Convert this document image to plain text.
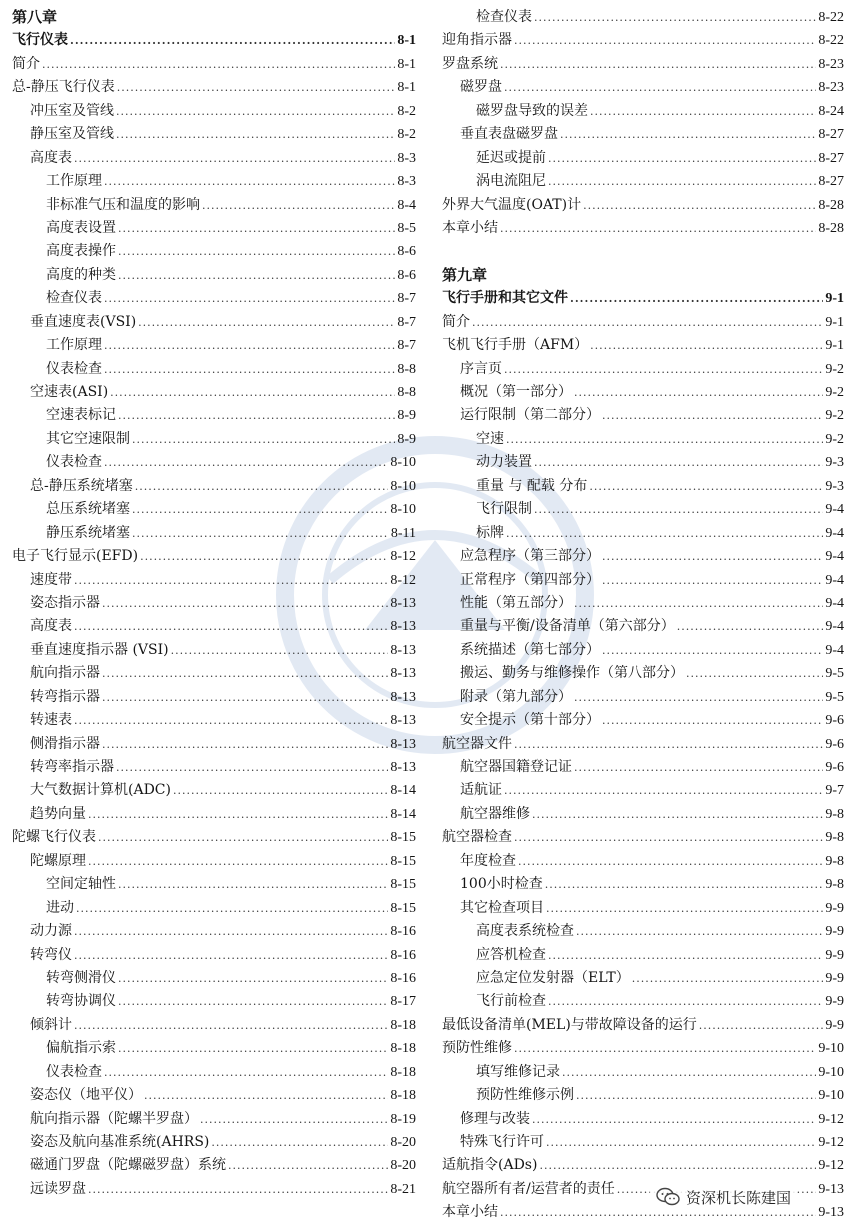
第八章
飞行仪表 .....	8-1
简介 .....	8-1
总-静压飞行仪表 .....	8-1
冲压室及管线 .....	8-2
静压室及管线 .....	8-2
高度表 .....	8-3
工作原理 .....	8-3
非标准气压和温度的影响 .....	8-4
高度表设置 .....	8-5
高度表操作 .....	8-6
高度的种类 .....	8-6
检查仪表 .....	8-7
垂直速度表(VSI) .....	8-7
工作原理 .....	8-7
仪表检查 .....	8-8
空速表(ASI) .....	8-8
空速表标记 .....	8-9
其它空速限制 .....	8-9
仪表检查 .....	8-10
总-静压系统堵塞 .....	8-10
总压系统堵塞 .....	8-10
静压系统堵塞 .....	8-11
电子飞行显示(EFD) .....	8-12
速度带 .....	8-12
姿态指示器 .....	8-13
高度表 .....	8-13
垂直速度指示器 (VSI) .....	8-13
航向指示器 .....	8-13
转弯指示器 .....	8-13
转速表 .....	8-13
侧滑指示器 .....	8-13
转弯率指示器 .....	8-13
大气数据计算机(ADC) .....	8-14
趋势向量 .....	8-14
陀螺飞行仪表 .....	8-15
陀螺原理 .....	8-15
空间定轴性 .....	8-15
进动 .....	8-15
动力源 .....	8-16
转弯仪 .....	8-16
转弯侧滑仪 .....	8-16
转弯协调仪 .....	8-17
倾斜计 .....	8-18
偏航指示索 .....	8-18
仪表检查 .....	8-18
姿态仪（地平仪） .....	8-18
航向指示器（陀螺半罗盘） .....	8-19
姿态及航向基准系统(AHRS) .....	8-20
磁通门罗盘（陀螺磁罗盘）系统 .....	8-20
远读罗盘 .....	8-21
检查仪表 .....	8-22
迎角指示器 .....	8-22
罗盘系统 .....	8-23
磁罗盘 .....	8-23
磁罗盘导致的误差 .....	8-24
垂直表盘磁罗盘 .....	8-27
延迟或提前 .....	8-27
涡电流阻尼 .....	8-27
外界大气温度(OAT)计 .....	8-28
本章小结 .....	8-28
第九章
飞行手册和其它文件 .....	9-1
简介 .....	9-1
飞机飞行手册（AFM） .....	9-1
序言页 .....	9-2
概况（第一部分） .....	9-2
运行限制（第二部分） .....	9-2
空速 .....	9-2
动力装置 .....	9-3
重量 与 配载 分布 .....	9-3
飞行限制 .....	9-4
标牌 .....	9-4
应急程序（第三部分） .....	9-4
正常程序（第四部分） .....	9-4
性能（第五部分） .....	9-4
重量与平衡/设备清单（第六部分） .....	9-4
系统描述（第七部分） .....	9-4
搬运、勤务与维修操作（第八部分） .....	9-5
附录（第九部分） .....	9-5
安全提示（第十部分） .....	9-6
航空器文件 .....	9-6
航空器国籍登记证 .....	9-6
适航证 .....	9-7
航空器维修 .....	9-8
航空器检查 .....	9-8
年度检查 .....	9-8
100小时检查 .....	9-8
其它检查项目 .....	9-9
高度表系统检查 .....	9-9
应答机检查 .....	9-9
应急定位发射器（ELT） .....	9-9
飞行前检查 .....	9-9
最低设备清单(MEL)与带故障设备的运行 .....	9-9
预防性维修 .....	9-10
填写维修记录 .....	9-10
预防性维修示例 .....	9-10
修理与改装 .....	9-12
特殊飞行许可 .....	9-12
适航指令(ADs) .....	9-12
航空器所有者/运营者的责任 .....	9-13
本章小结 .....	9-13
资深机长陈建国
